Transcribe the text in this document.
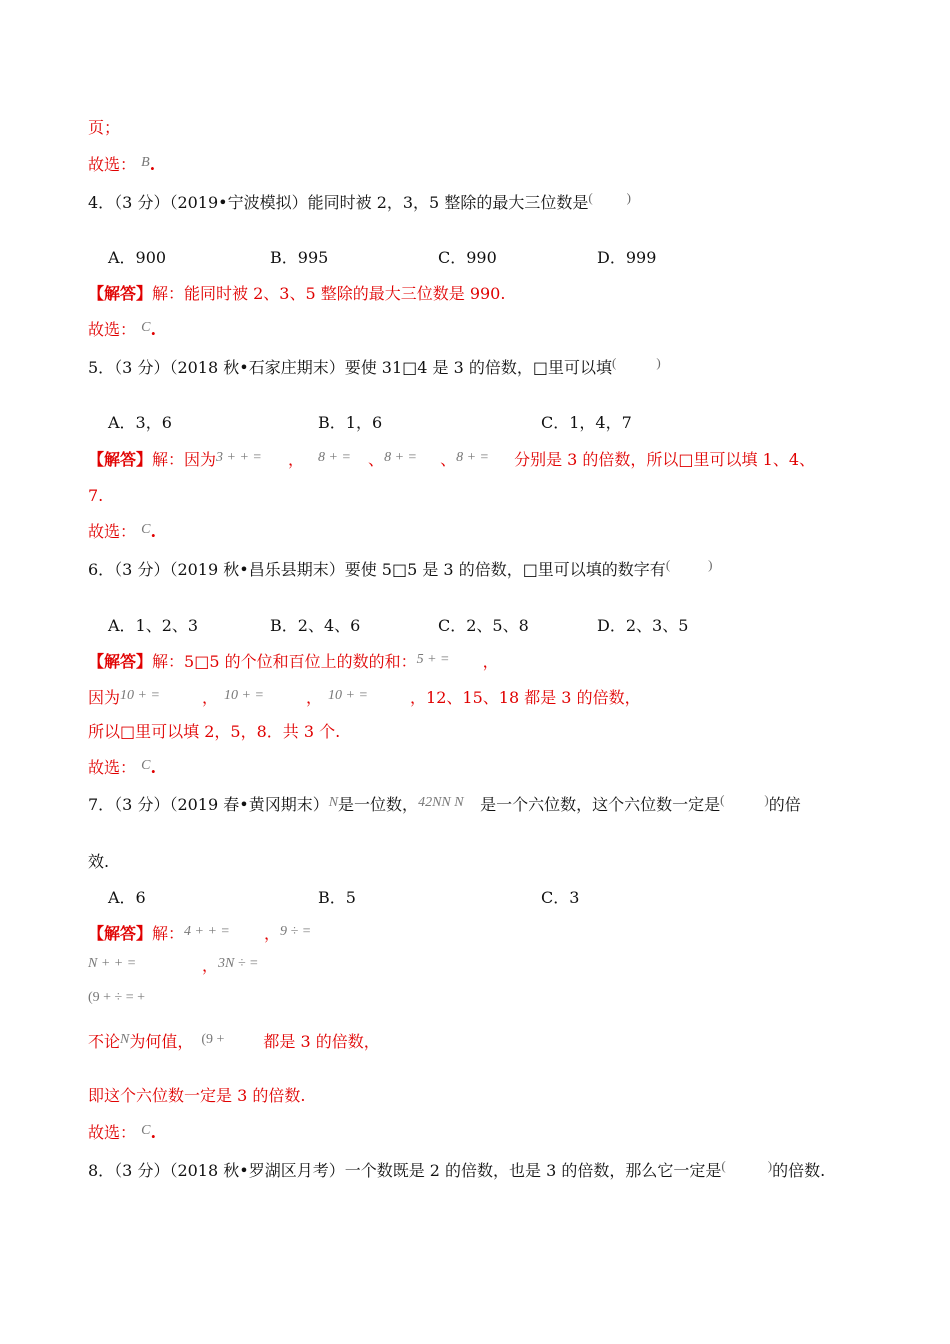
页；
故选： B.
4．（3 分）（2019•宁波模拟）能同时被 2，3，5 整除的最大三位数是(	)
A．900	B．995	C．990	D．999
【解答】解：能同时被 2、3、5 整除的最大三位数是 990.
故选： C.
5．（3 分）（2018 秋•石家庄期末）要使 31□4 是 3 的倍数，□里可以填(	)
A．3，6	B．1，6	C．1，4，7
【解答】解：因为3 + + = ， 8 + = 、8 + = 、8 + = 分别是 3 的倍数，所以□里可以填 1、4、
7.
故选： C.
6．（3 分）（2019 秋•昌乐县期末）要使 5□5 是 3 的倍数，□里可以填的数字有(	)
A．1、2、3	B．2、4、6	C．2、5、8	D．2、3、5
【解答】解：5□5 的个位和百位上的数的和：5 + = ，
因为10 + =	， 10 + =	， 10 + =	，12、15、18 都是 3 的倍数，
所以□里可以填 2，5，8．共 3 个.
故选： C.
7．（3 分）（2019 春•黄冈期末）N是一位数，42NN N 是一个六位数，这个六位数一定是(	)的倍
效.
A．6	B．5	C．3
【解答】解：4 + + = ，9 ÷ =
N + + =	，3N ÷ =
(9 + ÷ = +
不论N为何值， (9 + 都是 3 的倍数，
即这个六位数一定是 3 的倍数.
故选： C.
8．（3 分）（2018 秋•罗湖区月考）一个数既是 2 的倍数，也是 3 的倍数，那么它一定是(	)的倍数.
